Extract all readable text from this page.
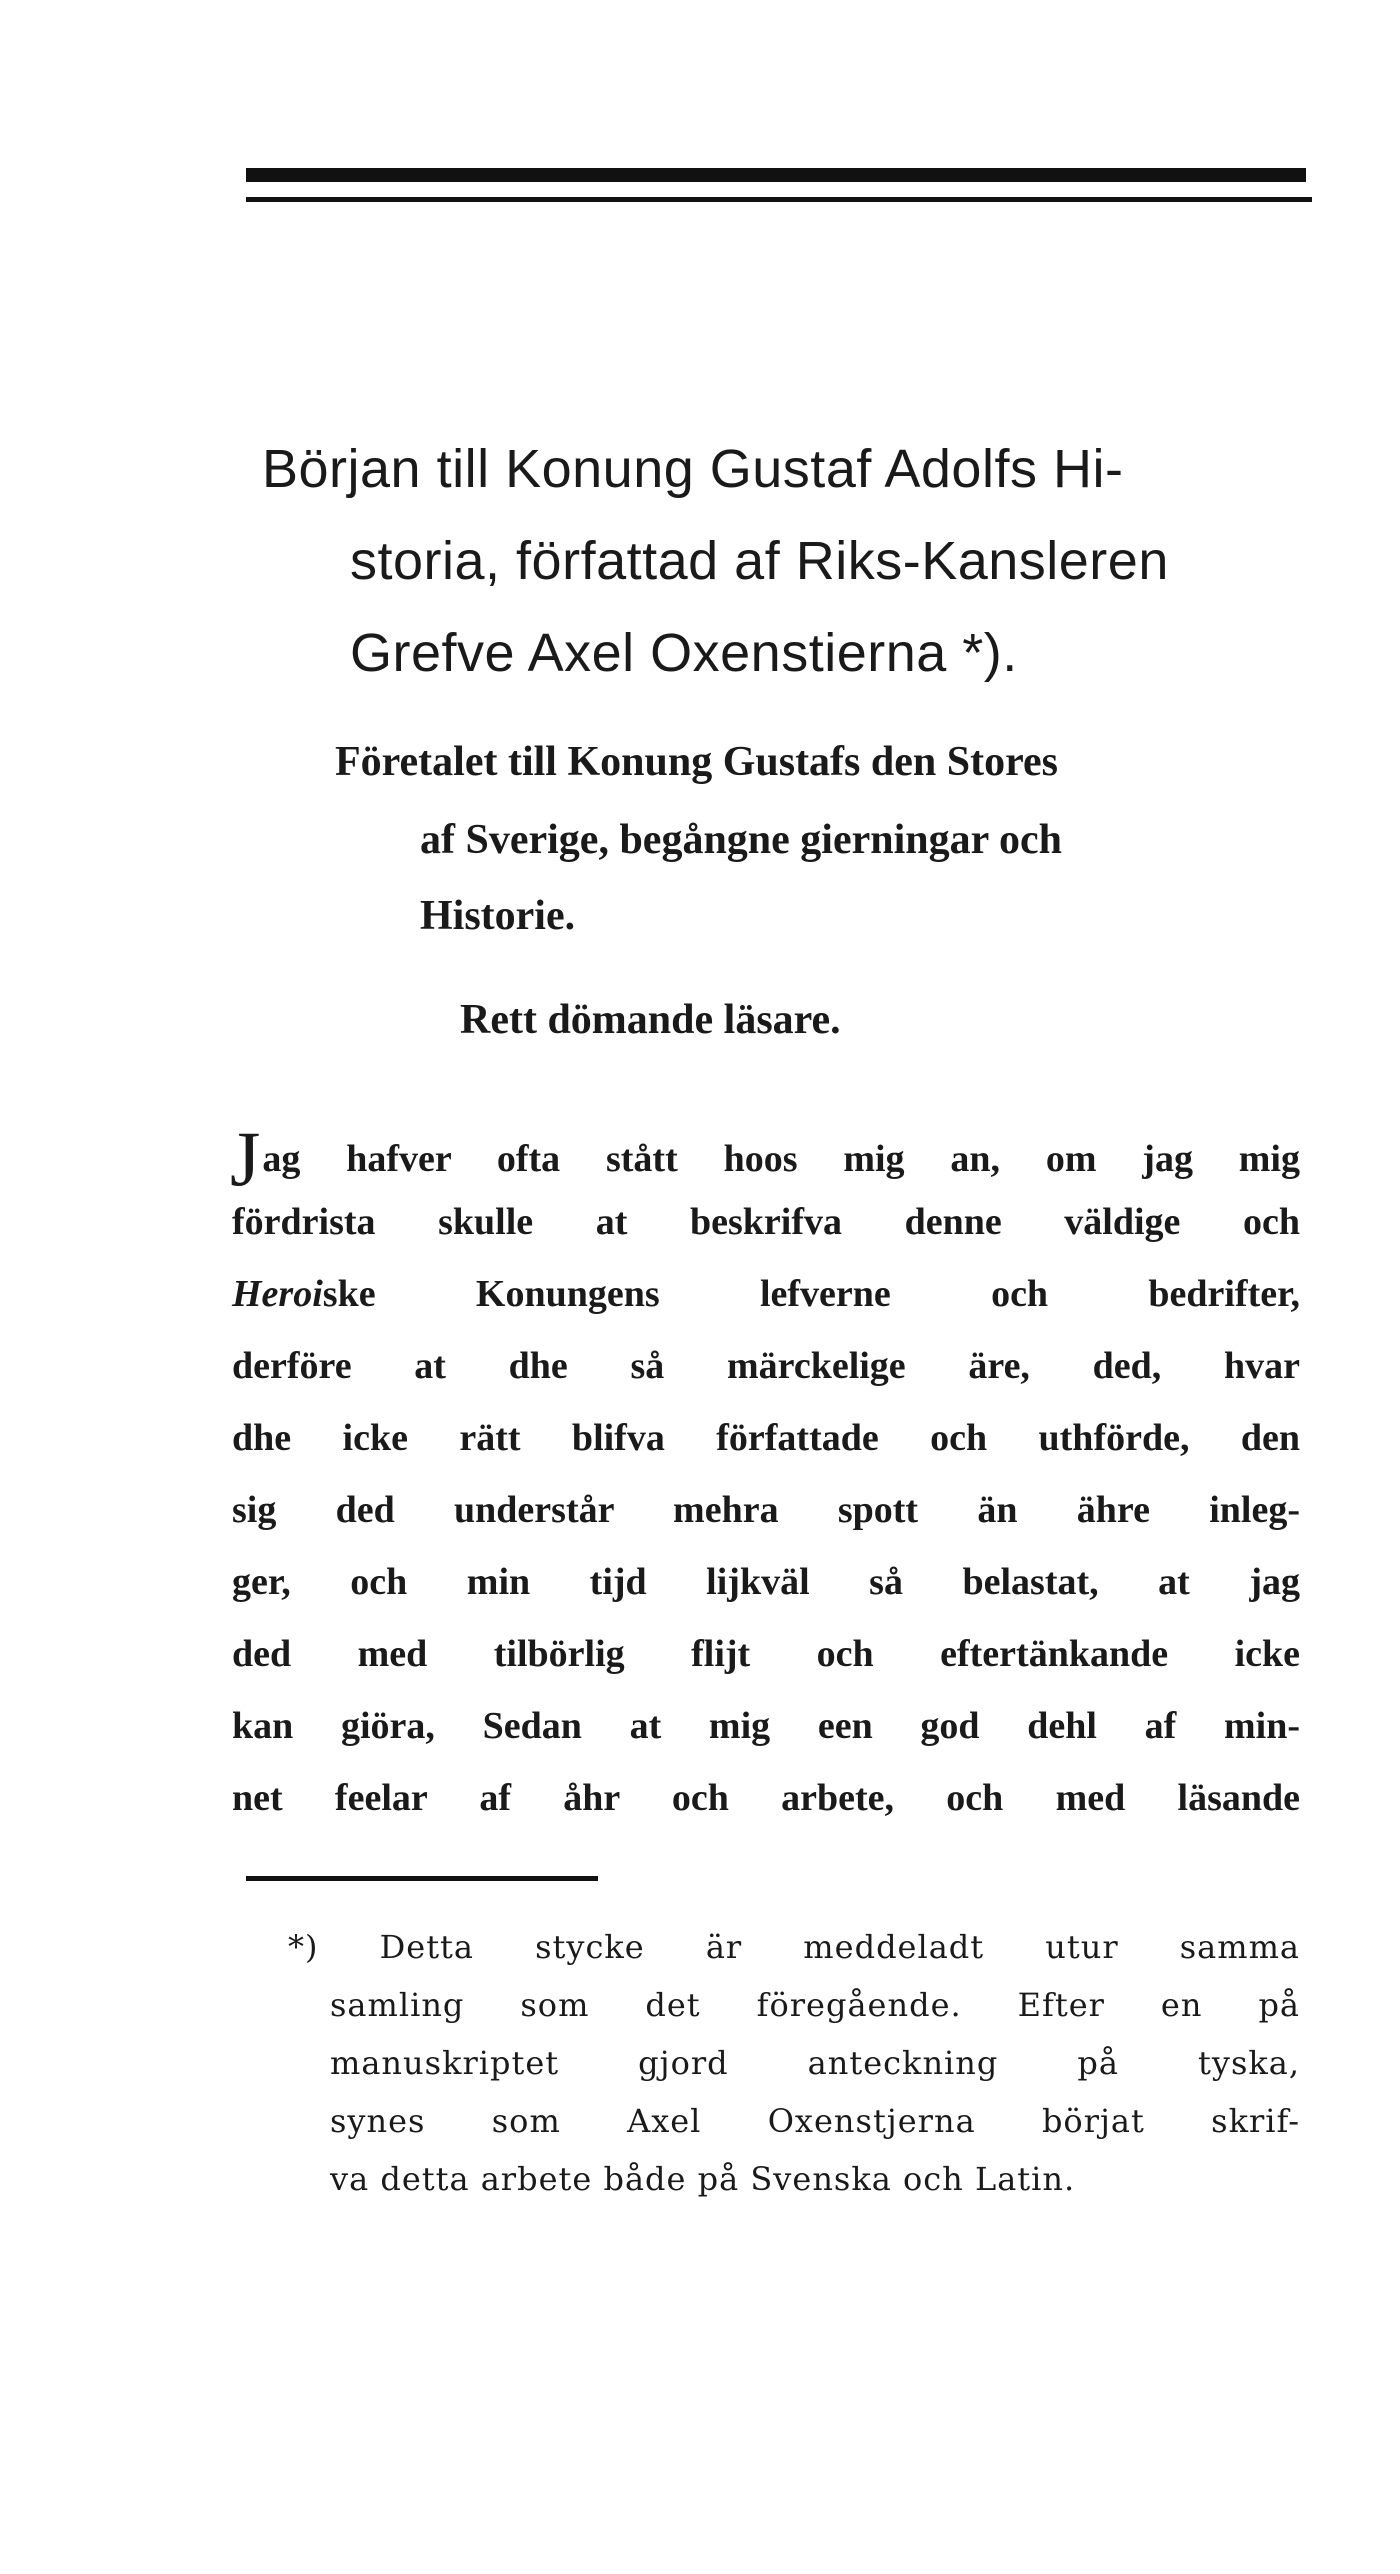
Början till Konung Gustaf Adolfs Hi-

storia, författad af Riks-Kansleren

Grefve Axel Oxenstierna *).

Företalet till Konung Gustafs den Stores

af Sverige, begångne gierningar och

Historie.

Rett dömande läsare.

Jag hafver ofta stått hoos mig an, om jag mig

fördrista skulle at beskrifva denne väldige och

Heroiske Konungens lefverne och bedrifter,

derföre at dhe så märckelige äre, ded, hvar

dhe icke rätt blifva författade och uthförde, den

sig ded understår mehra spott än ähre inleg-

ger, och min tijd lijkväl så belastat, at jag

ded med tilbörlig flijt och eftertänkande icke

kan giöra, Sedan at mig een god dehl af min-

net feelar af åhr och arbete, och med läsande

*) Detta stycke är meddeladt utur samma

samling som det föregående. Efter en på

manuskriptet gjord anteckning på tyska,

synes som Axel Oxenstjerna börjat skrif-

va detta arbete både på Svenska och Latin.
